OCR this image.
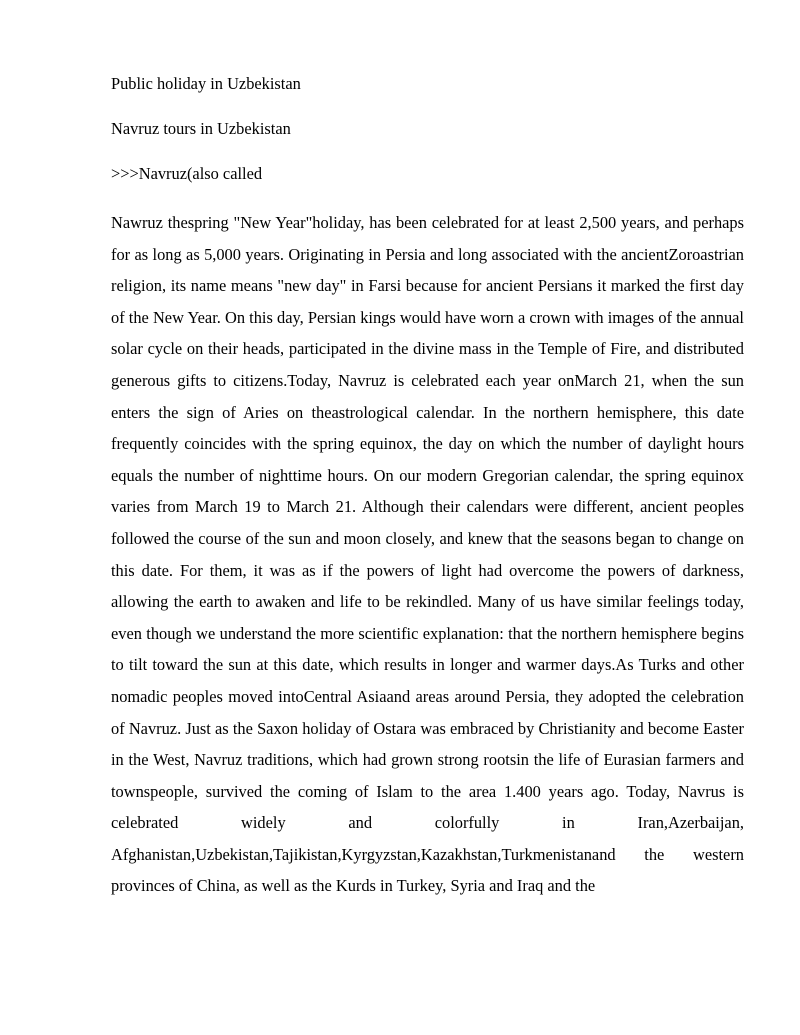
Public holiday in Uzbekistan
Navruz tours in Uzbekistan
>>>Navruz(also called
Nawruz thespring "New Year"holiday, has been celebrated for at least 2,500 years, and perhaps for as long as 5,000 years. Originating in Persia and long associated with the ancientZoroastrian religion, its name means "new day" in Farsi because for ancient Persians it marked the first day of the New Year. On this day, Persian kings would have worn a crown with images of the annual solar cycle on their heads, participated in the divine mass in the Temple of Fire, and distributed generous gifts to citizens.Today, Navruz is celebrated each year onMarch 21, when the sun enters the sign of Aries on theastrological calendar. In the northern hemisphere, this date frequently coincides with the spring equinox, the day on which the number of daylight hours equals the number of nighttime hours. On our modern Gregorian calendar, the spring equinox varies from March 19 to March 21. Although their calendars were different, ancient peoples followed the course of the sun and moon closely, and knew that the seasons began to change on this date. For them, it was as if the powers of light had overcome the powers of darkness, allowing the earth to awaken and life to be rekindled. Many of us have similar feelings today, even though we understand the more scientific explanation: that the northern hemisphere begins to tilt toward the sun at this date, which results in longer and warmer days.As Turks and other nomadic peoples moved intoCentral Asiaand areas around Persia, they adopted the celebration of Navruz. Just as the Saxon holiday of Ostara was embraced by Christianity and become Easter in the West, Navruz traditions, which had grown strong rootsin the life of Eurasian farmers and townspeople, survived the coming of Islam to the area 1.400 years ago. Today, Navrus is celebrated widely and colorfully in Iran,Azerbaijan, Afghanistan,Uzbekistan,Tajikistan,Kyrgyzstan,Kazakhstan,Turkmenistanand the western provinces of China, as well as the Kurds in Turkey, Syria and Iraq and the
